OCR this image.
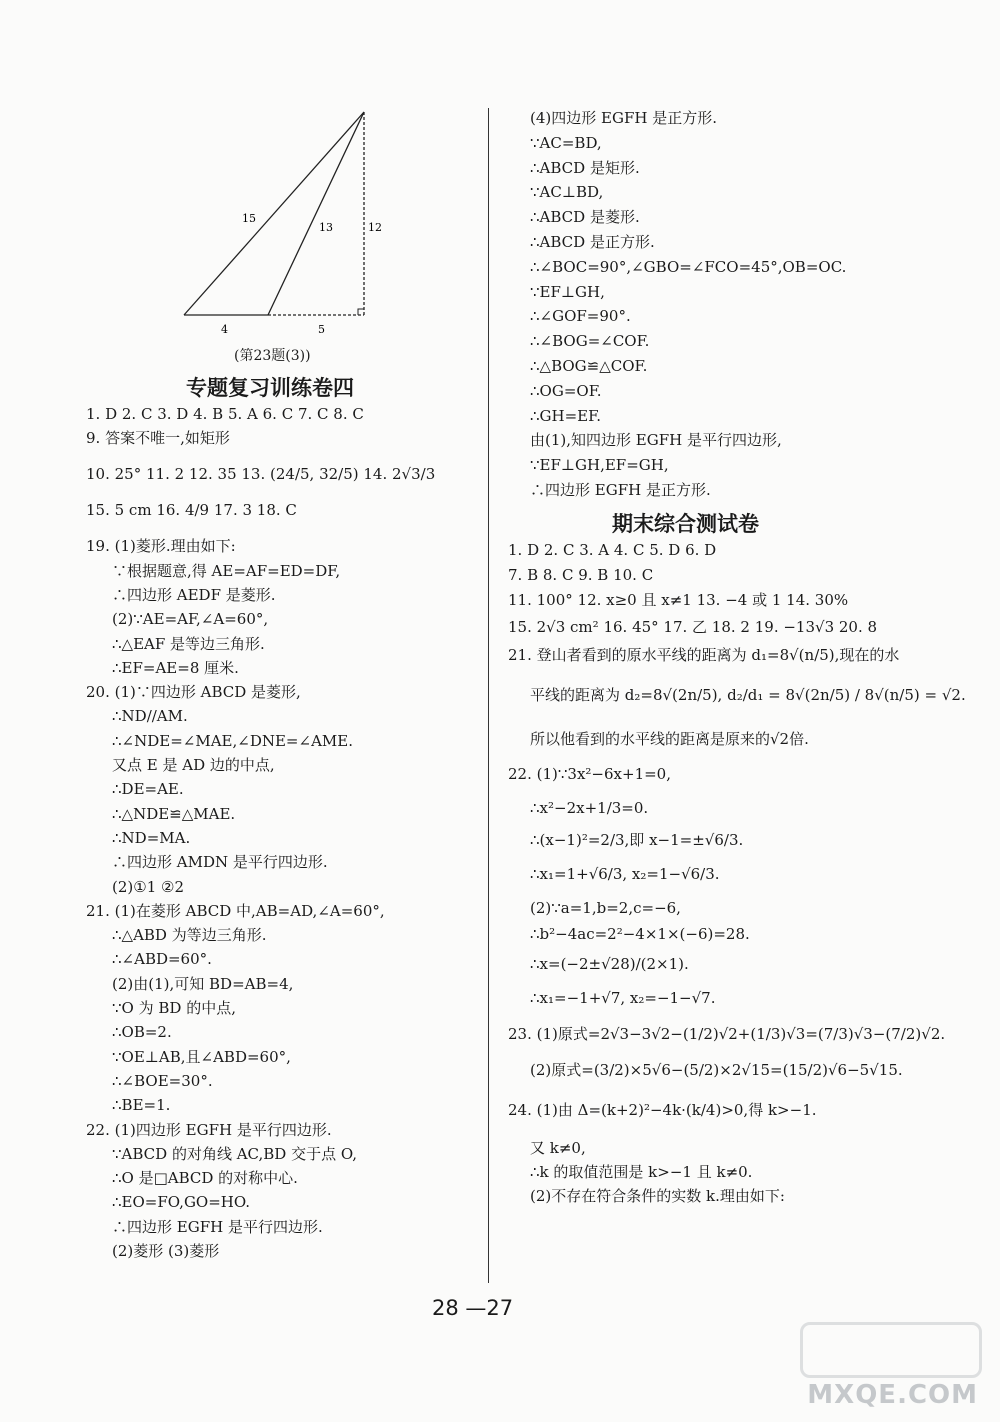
15
13	12
4	5
(第23题(3))
专题复习训练卷四
1. D 2. C 3. D 4. B 5. A 6. C 7. C 8. C
9. 答案不唯一,如矩形
10. 25° 11. 2 12. 35 13. (24/5, 32/5) 14. 2√3/3
15. 5 cm 16. 4/9 17. 3 18. C
19. (1)菱形.理由如下:
∵根据题意,得 AE=AF=ED=DF,
∴四边形 AEDF 是菱形.
(2)∵AE=AF,∠A=60°,
∴△EAF 是等边三角形.
∴EF=AE=8 厘米.
20. (1)∵四边形 ABCD 是菱形,
∴ND//AM.
∴∠NDE=∠MAE,∠DNE=∠AME.
又点 E 是 AD 边的中点,
∴DE=AE.
∴△NDE≌△MAE.
∴ND=MA.
∴四边形 AMDN 是平行四边形.
(2)①1 ②2
21. (1)在菱形 ABCD 中,AB=AD,∠A=60°,
∴△ABD 为等边三角形.
∴∠ABD=60°.
(2)由(1),可知 BD=AB=4,
∵O 为 BD 的中点,
∴OB=2.
∵OE⊥AB,且∠ABD=60°,
∴∠BOE=30°.
∴BE=1.
22. (1)四边形 EGFH 是平行四边形.
∵ABCD 的对角线 AC,BD 交于点 O,
∴O 是□ABCD 的对称中心.
∴EO=FO,GO=HO.
∴四边形 EGFH 是平行四边形.
(2)菱形 (3)菱形
(4)四边形 EGFH 是正方形.
∵AC=BD,
∴ABCD 是矩形.
∵AC⊥BD,
∴ABCD 是菱形.
∴ABCD 是正方形.
∴∠BOC=90°,∠GBO=∠FCO=45°,OB=OC.
∵EF⊥GH,
∴∠GOF=90°.
∴∠BOG=∠COF.
∴△BOG≌△COF.
∴OG=OF.
∴GH=EF.
由(1),知四边形 EGFH 是平行四边形,
∵EF⊥GH,EF=GH,
∴四边形 EGFH 是正方形.
期末综合测试卷
1. D 2. C 3. A 4. C 5. D 6. D
7. B 8. C 9. B 10. C
11. 100° 12. x≥0 且 x≠1 13. −4 或 1 14. 30%
15. 2√3 cm² 16. 45° 17. 乙 18. 2 19. −13√3 20. 8
21. 登山者看到的原水平线的距离为 d₁=8√(n/5),现在的水
平线的距离为 d₂=8√(2n/5), d₂/d₁ = 8√(2n/5) / 8√(n/5) = √2.
所以他看到的水平线的距离是原来的√2倍.
22. (1)∵3x²−6x+1=0,
∴x²−2x+1/3=0.
∴(x−1)²=2/3,即 x−1=±√6/3.
∴x₁=1+√6/3, x₂=1−√6/3.
(2)∵a=1,b=2,c=−6,
∴b²−4ac=2²−4×1×(−6)=28.
∴x=(−2±√28)/(2×1).
∴x₁=−1+√7, x₂=−1−√7.
23. (1)原式=2√3−3√2−(1/2)√2+(1/3)√3=(7/3)√3−(7/2)√2.
(2)原式=(3/2)×5√6−(5/2)×2√15=(15/2)√6−5√15.
24. (1)由 Δ=(k+2)²−4k·(k/4)>0,得 k>−1.
又 k≠0,
∴k 的取值范围是 k>−1 且 k≠0.
(2)不存在符合条件的实数 k.理由如下:
28 —27
MXQE.COM
